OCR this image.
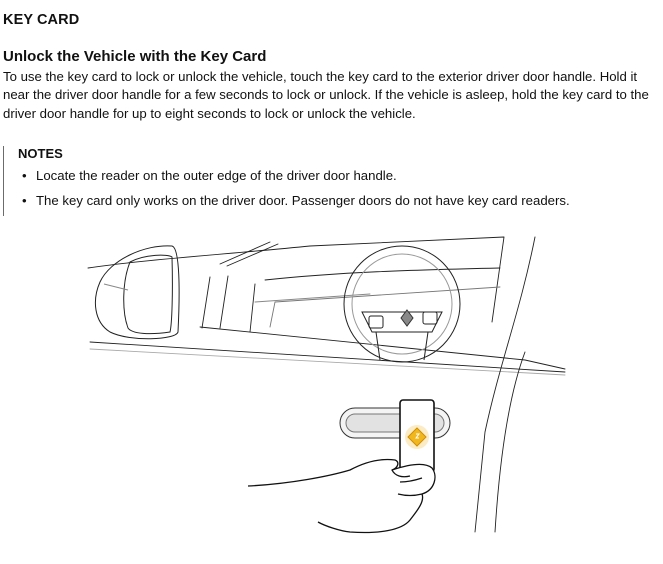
KEY CARD
Unlock the Vehicle with the Key Card

To use the key card to lock or unlock the vehicle, touch the key card to the exterior driver door handle. Hold it near the driver door handle for a few seconds to lock or unlock. If the vehicle is asleep, hold the key card to the driver door handle for up to eight seconds to lock or unlock the vehicle.

NOTES
• Locate the reader on the outer edge of the driver door handle.
• The key card only works on the driver door. Passenger doors do not have key card readers.
